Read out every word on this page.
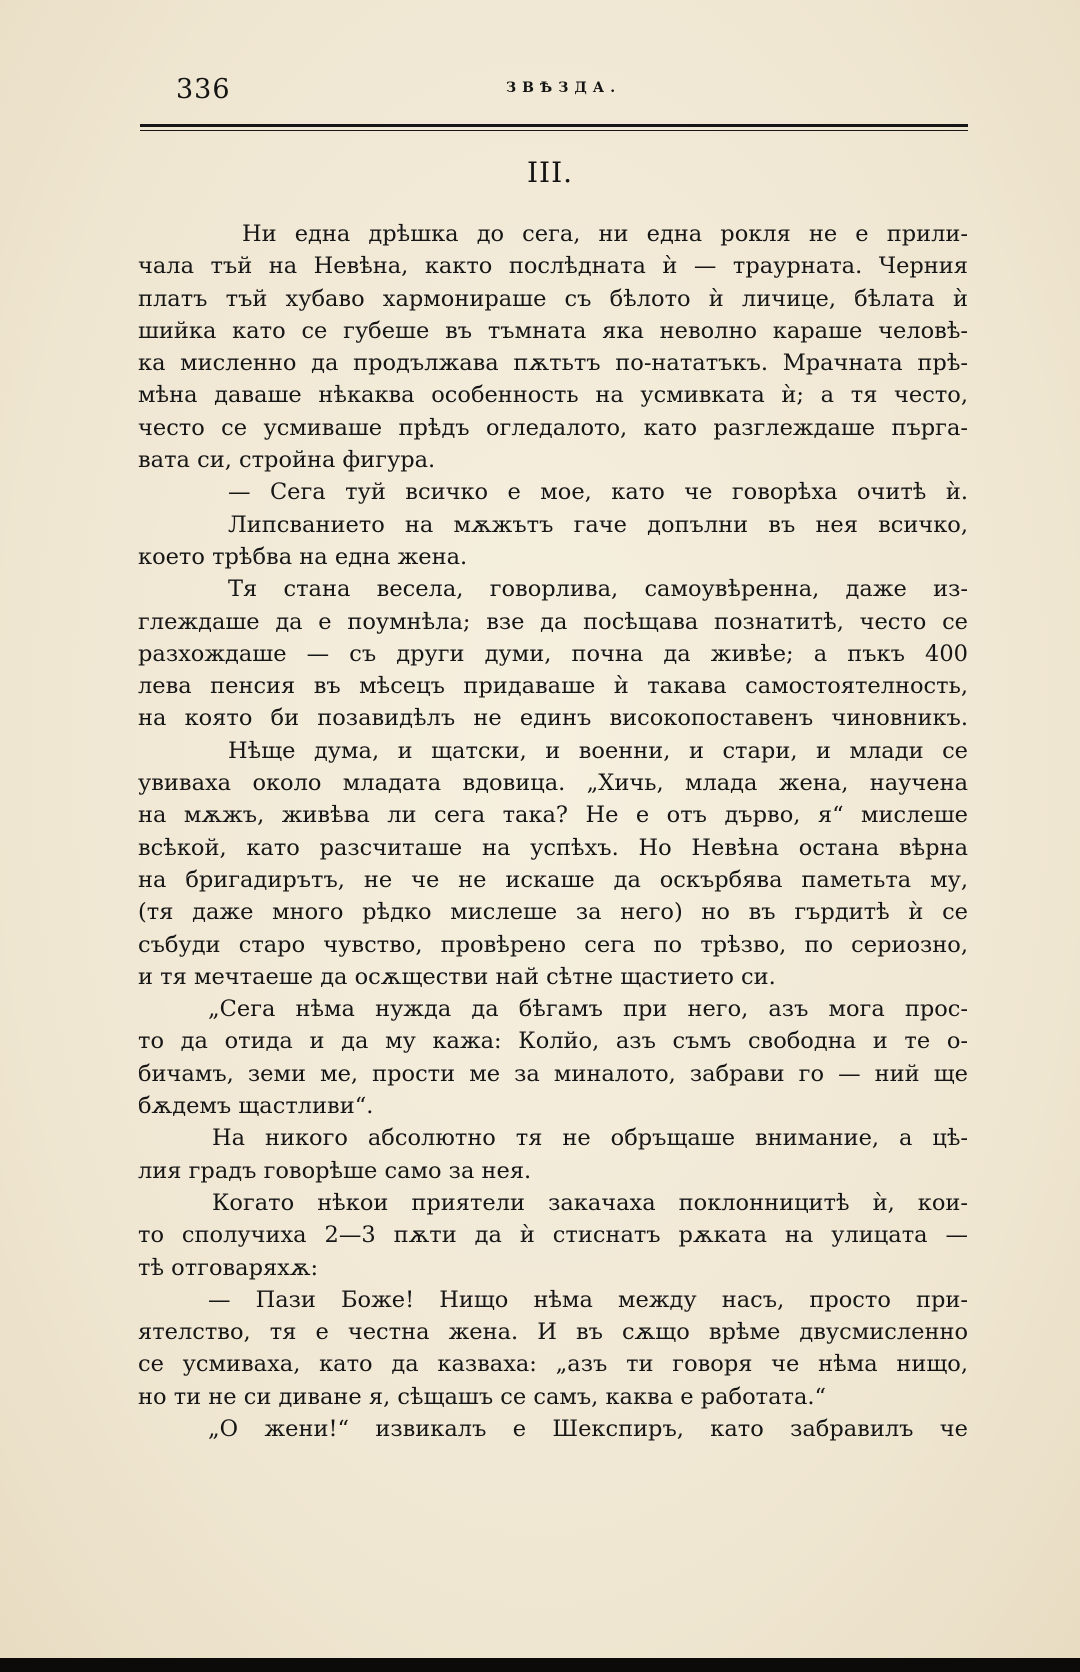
336	ЗВѢЗДА.
III.
Ни една дрѣшка до сега, ни една рокля не е прили-
чала тъй на Невѣна, както послѣдната ѝ — траурната. Черния
платъ тъй хубаво хармонираше съ бѣлото ѝ личице, бѣлата ѝ
шийка като се губеше въ тъмната яка неволно караше человѣ-
ка мисленно да продължава пѫтьтъ по-нататъкъ. Мрачната прѣ-
мѣна даваше нѣкаква особенность на усмивката ѝ; а тя често,
често се усмиваше прѣдъ огледалото, като разглеждаше пърга-
вата си, стройна фигура.
— Сега туй всичко е мое, като че говорѣха очитѣ ѝ.
Липсванието на мѫжътъ гаче допълни въ нея всичко,
което трѣбва на една жена.
Тя стана весела, говорлива, самоувѣренна, даже из-
глеждаше да е поумнѣла; взе да посѣщава познатитѣ, често се
разхождаше — съ други думи, почна да живѣе; а пъкъ 400
лева пенсия въ мѣсецъ придаваше ѝ такава самостоятелность,
на която би позавидѣлъ не единъ високопоставенъ чиновникъ.
Нѣще дума, и щатски, и военни, и стари, и млади се
увиваха около младата вдовица. „Хичь, млада жена, научена
на мѫжъ, живѣва ли сега така? Не е отъ дърво, я“ мислеше
всѣкой, като разсчиташе на успѣхъ. Но Невѣна остана вѣрна
на бригадирътъ, не че не искаше да оскърбява паметьта му,
(тя даже много рѣдко мислеше за него) но въ гърдитѣ ѝ се
събуди старо чувство, провѣрено сега по трѣзво, по сериозно,
и тя мечтаеше да осѫществи най сѣтне щастието си.
„Сега нѣма нужда да бѣгамъ при него, азъ мога прос-
то да отида и да му кажа: Колйо, азъ съмъ свободна и те о-
бичамъ, земи ме, прости ме за миналото, забрави го — ний ще
бѫдемъ щастливи“.
На никого абсолютно тя не обръщаше внимание, а цѣ-
лия градъ говорѣше само за нея.
Когато нѣкои приятели закачаха поклонницитѣ ѝ, кои-
то сполучиха 2—3 пѫти да ѝ стиснатъ рѫката на улицата —
тѣ отговаряхѫ:
— Пази Боже! Нищо нѣма между насъ, просто при-
ятелство, тя е честна жена. И въ сѫщо врѣме двусмисленно
се усмиваха, като да казваха: „азъ ти говоря че нѣма нищо,
но ти не си диване я, сѣщашъ се самъ, каква е работата.“
„О жени!“ извикалъ е Шекспиръ, като забравилъ че
